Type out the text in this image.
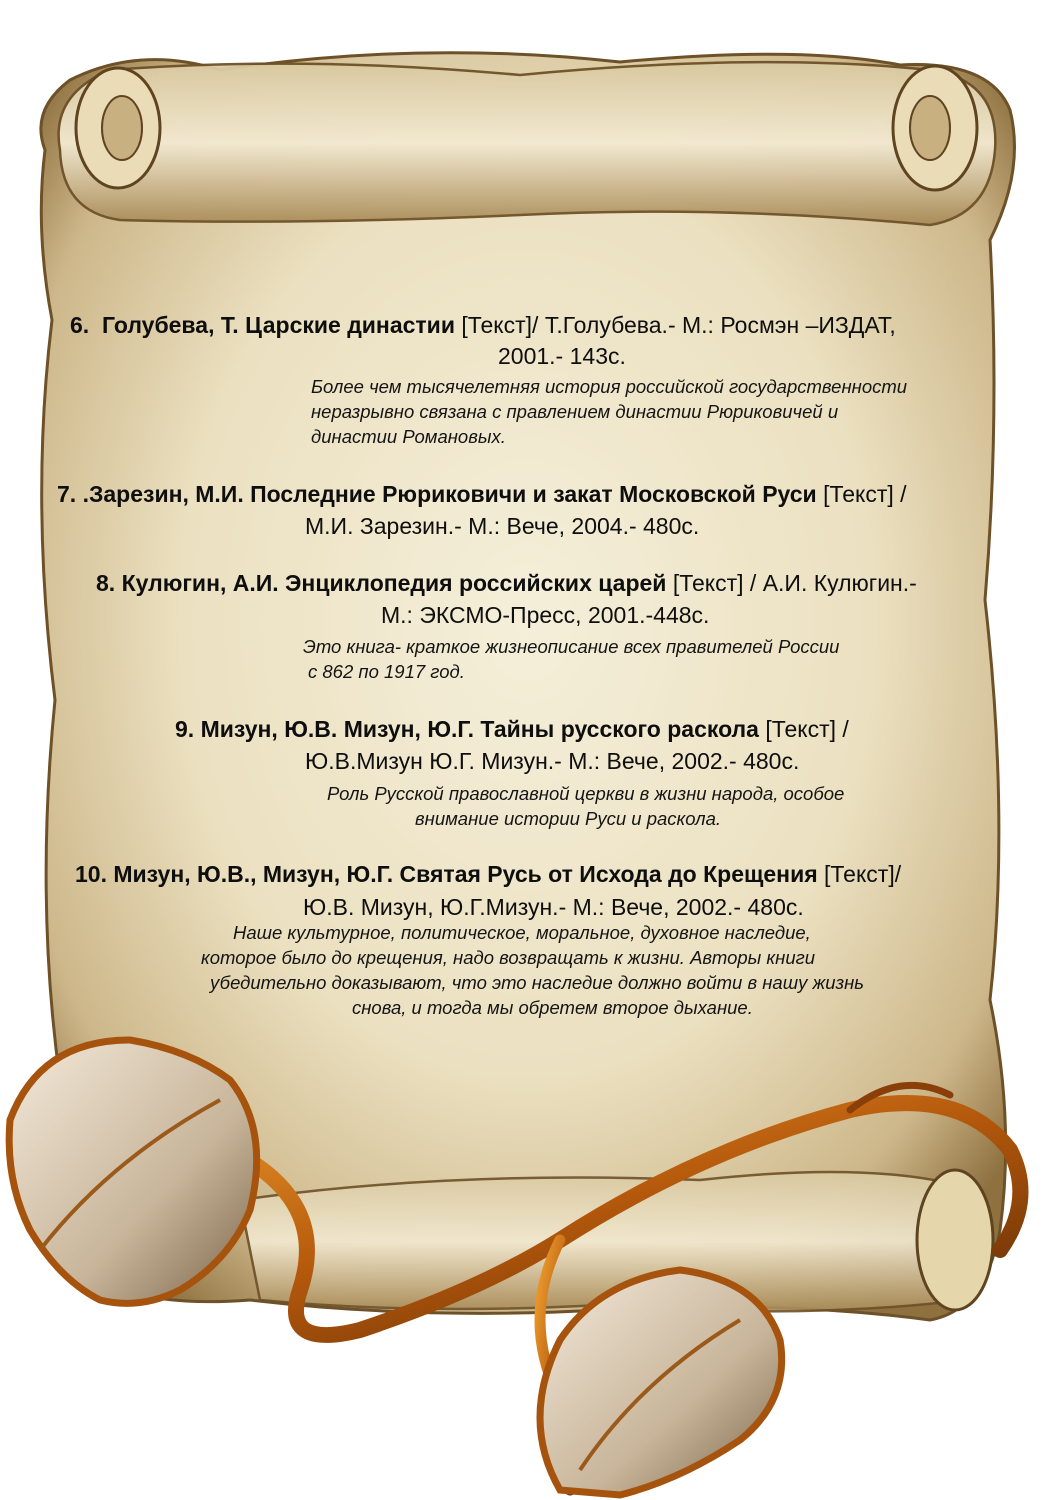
6. Голубева, Т. Царские династии [Текст]/ Т.Голубева.- М.: Росмэн –ИЗДАТ,
2001.- 143с.
Более чем тысячелетняя история российской государственности
неразрывно связана с правлением династии Рюриковичей и
династии Романовых.
7. .Зарезин, М.И. Последние Рюриковичи и закат Московской Руси [Текст] /
М.И. Зарезин.- М.: Вече, 2004.- 480с.
8. Кулюгин, А.И. Энциклопедия российских царей [Текст] / А.И. Кулюгин.-
М.: ЭКСМО-Пресс, 2001.-448с.
Это книга- краткое жизнеописание всех правителей России
с 862 по 1917 год.
9. Мизун, Ю.В. Мизун, Ю.Г. Тайны русского раскола [Текст] /
Ю.В.Мизун Ю.Г. Мизун.- М.: Вече, 2002.- 480с.
Роль Русской православной церкви в жизни народа, особое
внимание истории Руси и раскола.
10. Мизун, Ю.В., Мизун, Ю.Г. Святая Русь от Исхода до Крещения [Текст]/
Ю.В. Мизун, Ю.Г.Мизун.- М.: Вече, 2002.- 480с.
Наше культурное, политическое, моральное, духовное наследие,
которое было до крещения, надо возвращать к жизни. Авторы книги
убедительно доказывают, что это наследие должно войти в нашу жизнь
снова, и тогда мы обретем второе дыхание.
